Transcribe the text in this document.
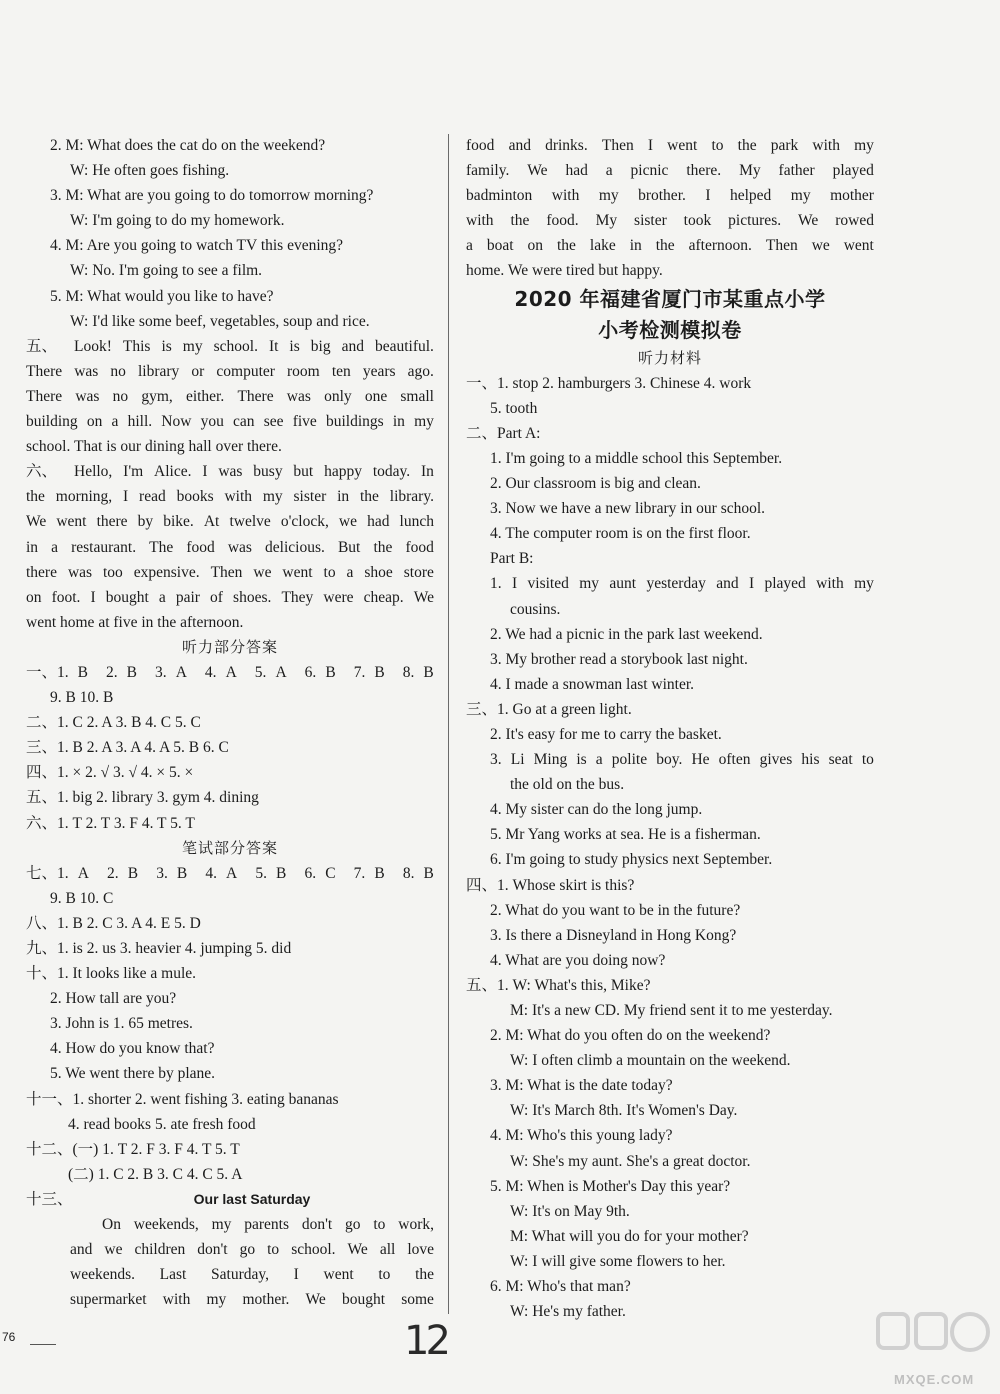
2. M: What does the cat do on the weekend?
W: He often goes fishing.
3. M: What are you going to do tomorrow morning?
W: I'm going to do my homework.
4. M: Are you going to watch TV this evening?
W: No. I'm going to see a film.
5. M: What would you like to have?
W: I'd like some beef, vegetables, soup and rice.
五、	Look! This is my school. It is big and beautiful.
There was no library or computer room ten years ago.
There was no gym, either. There was only one small
building on a hill. Now you can see five buildings in my
school. That is our dining hall over there.
六、	Hello, I'm Alice. I was busy but happy today. In
the morning, I read books with my sister in the library.
We went there by bike. At twelve o'clock, we had lunch
in a restaurant. The food was delicious. But the food
there was too expensive. Then we went to a shoe store
on foot. I bought a pair of shoes. They were cheap. We
went home at five in the afternoon.
听力部分答案
一、1. B 2. B 3. A 4. A 5. A 6. B 7. B 8. B
9. B 10. B
二、1. C 2. A 3. B 4. C 5. C
三、1. B 2. A 3. A 4. A 5. B 6. C
四、1. × 2. √ 3. √ 4. × 5. ×
五、1. big 2. library 3. gym 4. dining
六、1. T 2. T 3. F 4. T 5. T
笔试部分答案
七、1. A 2. B 3. B 4. A 5. B 6. C 7. B 8. B
9. B 10. C
八、1. B 2. C 3. A 4. E 5. D
九、1. is 2. us 3. heavier 4. jumping 5. did
十、1. It looks like a mule.
2. How tall are you?
3. John is 1. 65 metres.
4. How do you know that?
5. We went there by plane.
十一、1. shorter 2. went fishing 3. eating bananas
4. read books 5. ate fresh food
十二、(一) 1. T 2. F 3. F 4. T 5. T
(二) 1. C 2. B 3. C 4. C 5. A
十三、	Our last Saturday
On weekends, my parents don't go to work,
and we children don't go to school. We all love
weekends. Last Saturday, I went to the
supermarket with my mother. We bought some
food and drinks. Then I went to the park with my
family. We had a picnic there. My father played
badminton with my brother. I helped my mother
with the food. My sister took pictures. We rowed
a boat on the lake in the afternoon. Then we went
home. We were tired but happy.
2020 年福建省厦门市某重点小学
小考检测模拟卷
听力材料
一、1. stop 2. hamburgers 3. Chinese 4. work
5. tooth
二、Part A:
1. I'm going to a middle school this September.
2. Our classroom is big and clean.
3. Now we have a new library in our school.
4. The computer room is on the first floor.
Part B:
1. I visited my aunt yesterday and I played with my
cousins.
2. We had a picnic in the park last weekend.
3. My brother read a storybook last night.
4. I made a snowman last winter.
三、1. Go at a green light.
2. It's easy for me to carry the basket.
3. Li Ming is a polite boy. He often gives his seat to
the old on the bus.
4. My sister can do the long jump.
5. Mr Yang works at sea. He is a fisherman.
6. I'm going to study physics next September.
四、1. Whose skirt is this?
2. What do you want to be in the future?
3. Is there a Disneyland in Hong Kong?
4. What are you doing now?
五、1. W: What's this, Mike?
M: It's a new CD. My friend sent it to me yesterday.
2. M: What do you often do on the weekend?
W: I often climb a mountain on the weekend.
3. M: What is the date today?
W: It's March 8th. It's Women's Day.
4. M: Who's this young lady?
W: She's my aunt. She's a great doctor.
5. M: When is Mother's Day this year?
W: It's on May 9th.
M: What will you do for your mother?
W: I will give some flowers to her.
6. M: Who's that man?
W: He's my father.
76	12
MXQE.COM
